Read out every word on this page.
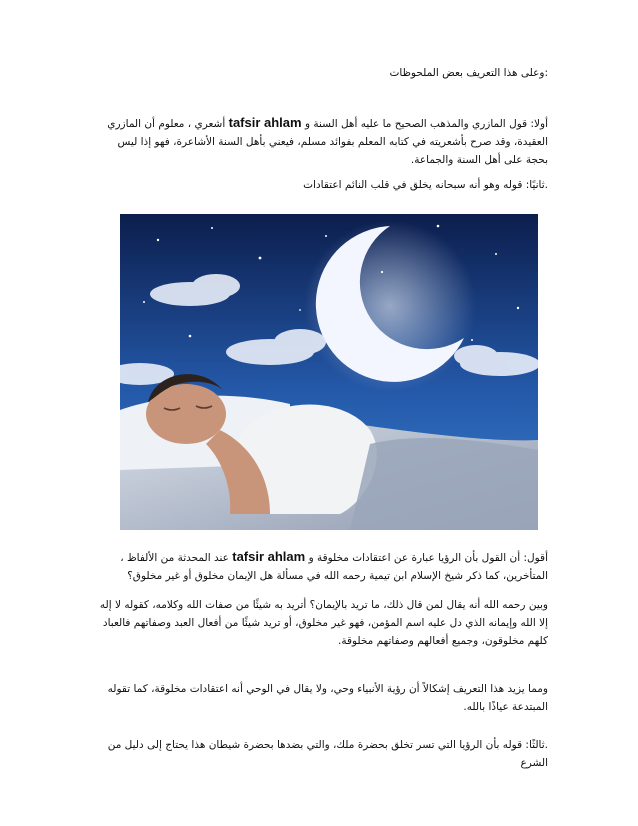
:وعلى هذا التعريف بعض الملحوظات

أولا: قول المازري والمذهب الصحيح ما عليه أهل السنة و tafsir ahlam أشعري ، معلوم أن المازري العقيدة، وقد صرح بأشعريته في كتابه المعلم بفوائد مسلم، فيعني بأهل السنة الأشاعرة، فهو إذا ليس بحجة على أهل السنة والجماعة.

.ثانيًا: قوله وهو أنه سبحانه يخلق في قلب النائم اعتقادات

أقول: أن القول بأن الرؤيا عبارة عن اعتقادات مخلوقة و tafsir ahlam عند المحدثة من الألفاظ ، المتأخرين، كما ذكر شيخ الإسلام ابن تيمية رحمه الله في مسألة هل الإيمان مخلوق أو غير مخلوق؟

وبين رحمه الله أنه يقال لمن قال ذلك، ما تريد بالإيمان؟ أتريد به شيئًا من صفات الله وكلامه، كقوله لا إله إلا الله وإيمانه الذي دل عليه اسم المؤمن، فهو غير مخلوق، أو تريد شيئًا من أفعال العبد وصفاتهم فالعباد كلهم مخلوقون، وجميع أفعالهم وصفاتهم مخلوقة.

ومما يزيد هذا التعريف إشكالاً أن رؤية الأنبياء وحي، ولا يقال في الوحي أنه اعتقادات مخلوقة، كما تقوله المبتدعة عياذًا بالله.

.ثالثًا: قوله بأن الرؤيا التي تسر تخلق بحضرة ملك، والتي بضدها بحضرة شيطان هذا يحتاج إلى دليل من الشرع
